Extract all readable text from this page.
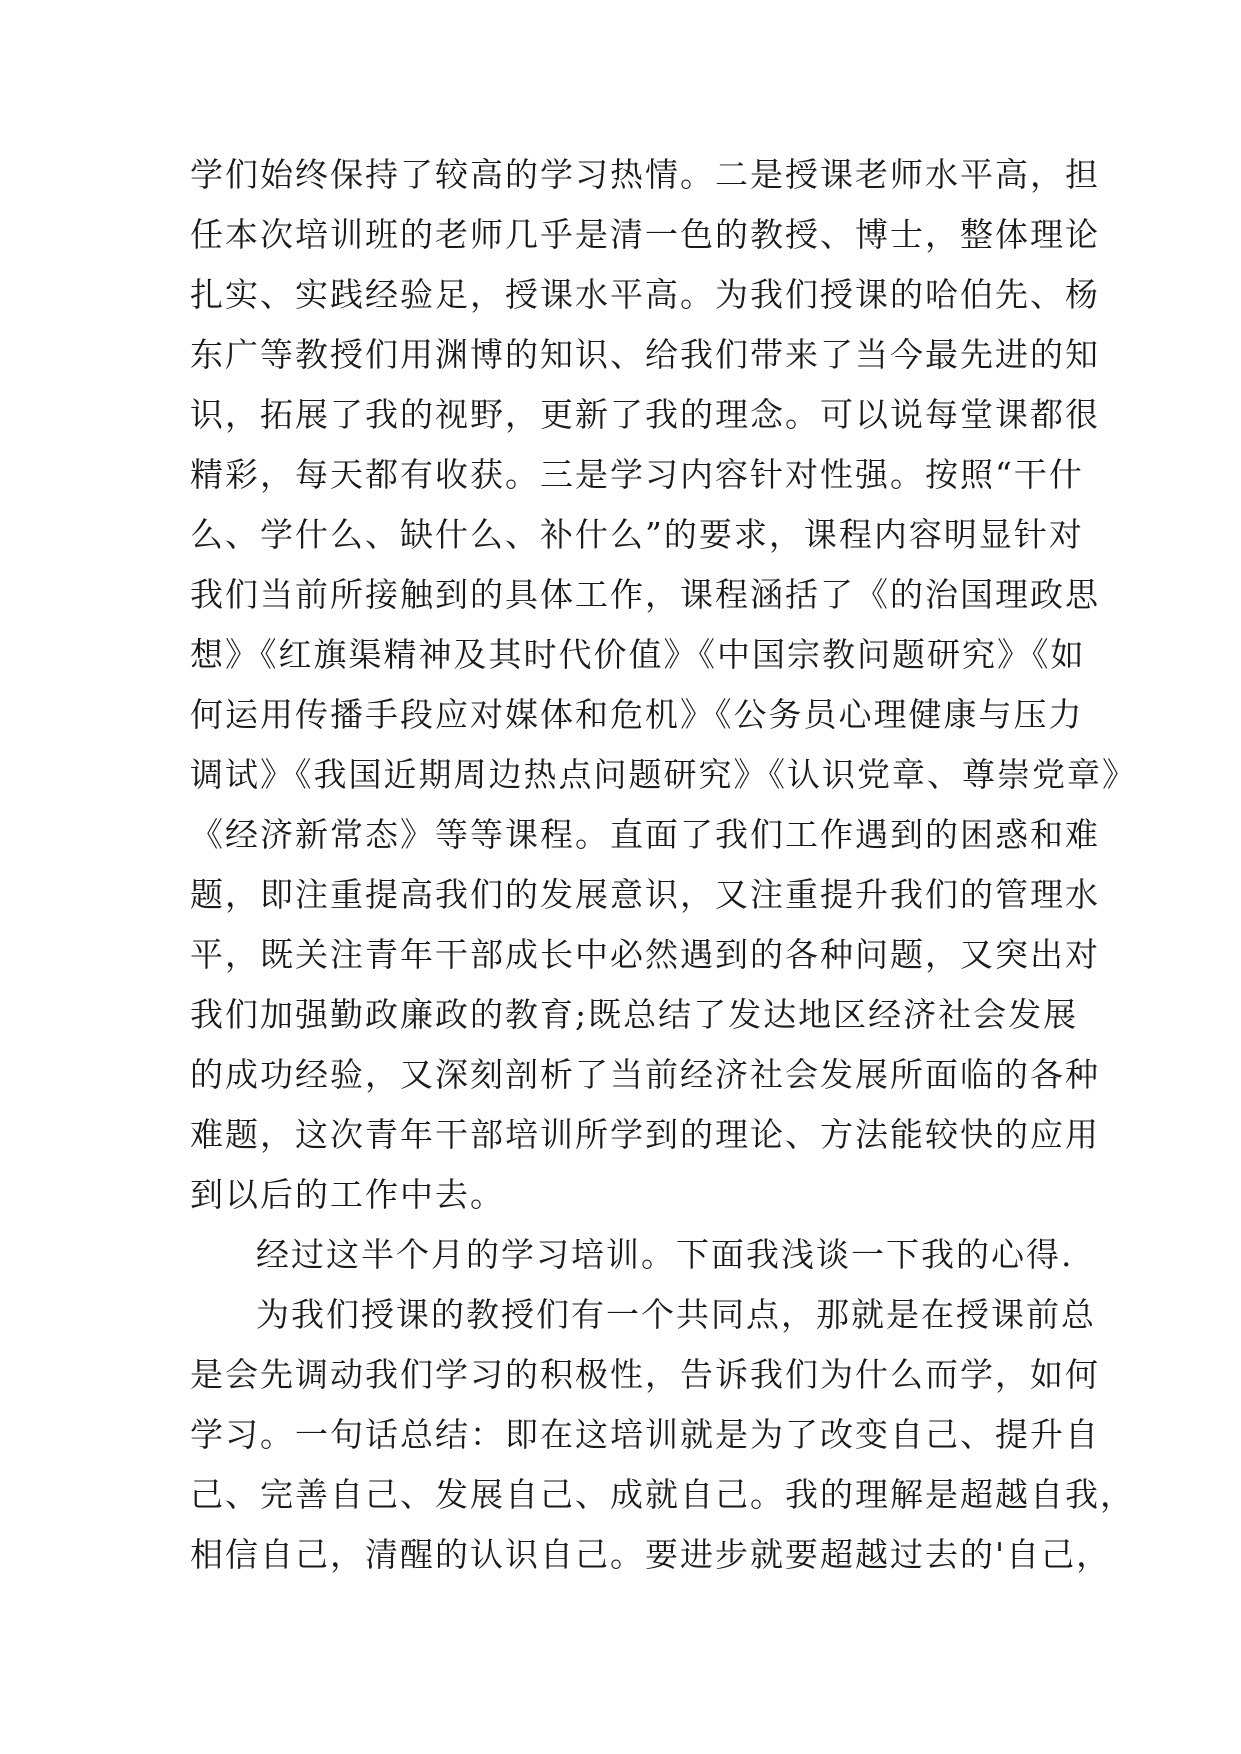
学们始终保持了较高的学习热情。二是授课老师水平高，担
任本次培训班的老师几乎是清一色的教授、博士，整体理论
扎实、实践经验足，授课水平高。为我们授课的哈伯先、杨
东广等教授们用渊博的知识、给我们带来了当今最先进的知
识，拓展了我的视野，更新了我的理念。可以说每堂课都很
精彩，每天都有收获。三是学习内容针对性强。按照“干什
么、学什么、缺什么、补什么”的要求，课程内容明显针对
我们当前所接触到的具体工作，课程涵括了《的治国理政思
想》《红旗渠精神及其时代价值》《中国宗教问题研究》《如
何运用传播手段应对媒体和危机》《公务员心理健康与压力
调试》《我国近期周边热点问题研究》《认识党章、尊崇党章》
《经济新常态》等等课程。直面了我们工作遇到的困惑和难
题，即注重提高我们的发展意识，又注重提升我们的管理水
平，既关注青年干部成长中必然遇到的各种问题，又突出对
我们加强勤政廉政的教育;既总结了发达地区经济社会发展
的成功经验，又深刻剖析了当前经济社会发展所面临的各种
难题，这次青年干部培训所学到的理论、方法能较快的应用
到以后的工作中去。
经过这半个月的学习培训。下面我浅谈一下我的心得.
为我们授课的教授们有一个共同点，那就是在授课前总
是会先调动我们学习的积极性，告诉我们为什么而学，如何
学习。一句话总结：即在这培训就是为了改变自己、提升自
己、完善自己、发展自己、成就自己。我的理解是超越自我，
相信自己，清醒的认识自己。要进步就要超越过去的'自己，
